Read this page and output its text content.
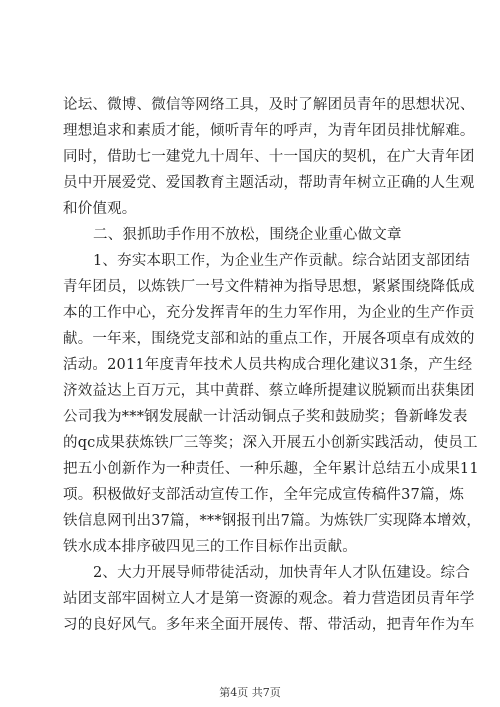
论坛、微博、微信等网络工具，及时了解团员青年的思想状况、

理想追求和素质才能，倾听青年的呼声，为青年团员排忧解难。

同时，借助七一建党九十周年、十一国庆的契机，在广大青年团

员中开展爱党、爱国教育主题活动，帮助青年树立正确的人生观

和价值观。

二、狠抓助手作用不放松，围绕企业重心做文章

1、夯实本职工作，为企业生产作贡献。综合站团支部团结

青年团员，以炼铁厂一号文件精神为指导思想，紧紧围绕降低成

本的工作中心，充分发挥青年的生力军作用，为企业的生产作贡

献。一年来，围绕党支部和站的重点工作，开展各项卓有成效的

活动。2011年度青年技术人员共构成合理化建议31条，产生经

济效益达上百万元，其中黄群、蔡立峰所提建议脱颖而出获集团

公司我为***钢发展献一计活动铜点子奖和鼓励奖；鲁新峰发表

的qc成果获炼铁厂三等奖；深入开展五小创新实践活动，使员工

把五小创新作为一种责任、一种乐趣，全年累计总结五小成果11

项。积极做好支部活动宣传工作，全年完成宣传稿件37篇，炼

铁信息网刊出37篇，***钢报刊出7篇。为炼铁厂实现降本增效，

铁水成本排序破四见三的工作目标作出贡献。

2、大力开展导师带徒活动，加快青年人才队伍建设。综合

站团支部牢固树立人才是第一资源的观念。着力营造团员青年学

习的良好风气。多年来全面开展传、帮、带活动，把青年作为车

第4页 共7页
